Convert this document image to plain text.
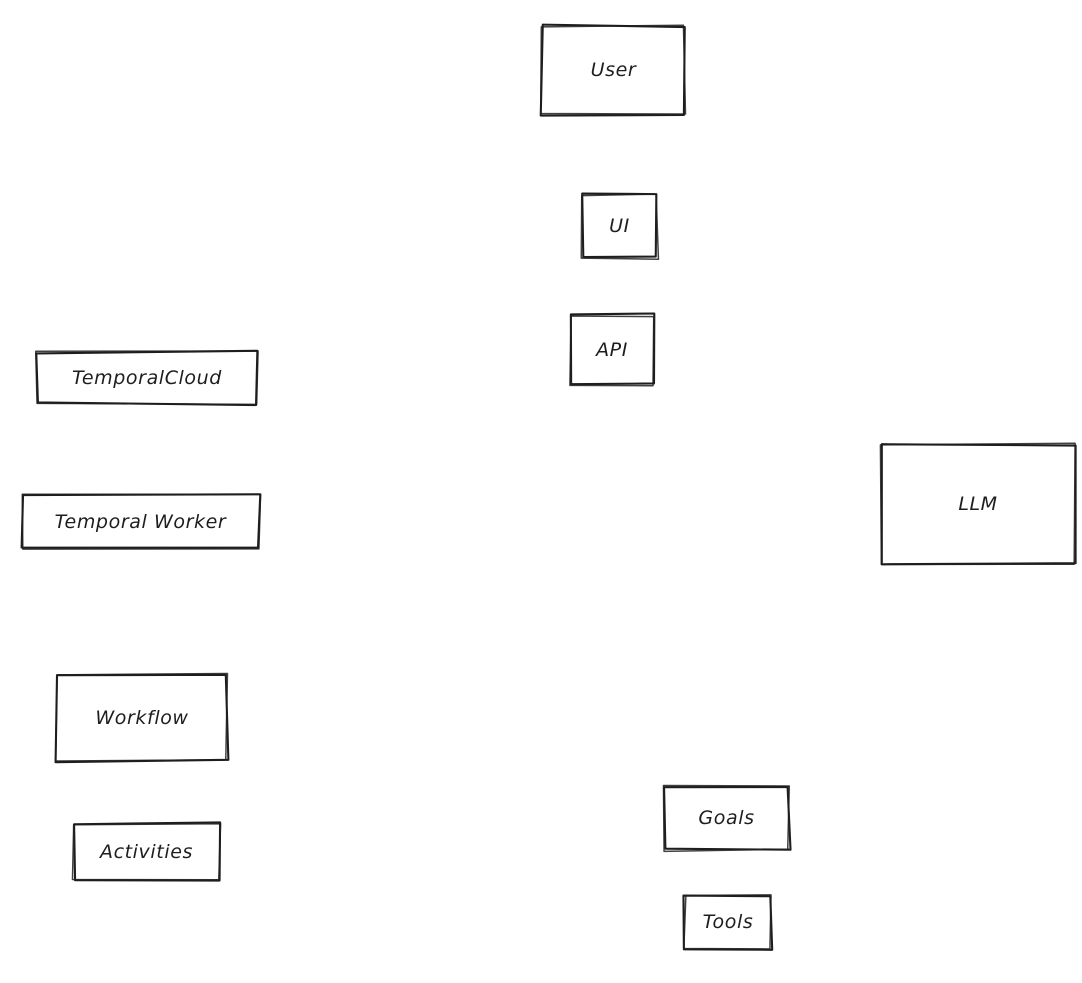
User
UI
API
TemporalCloud
Temporal Worker
LLM
Workflow
Activities
Goals
Tools
